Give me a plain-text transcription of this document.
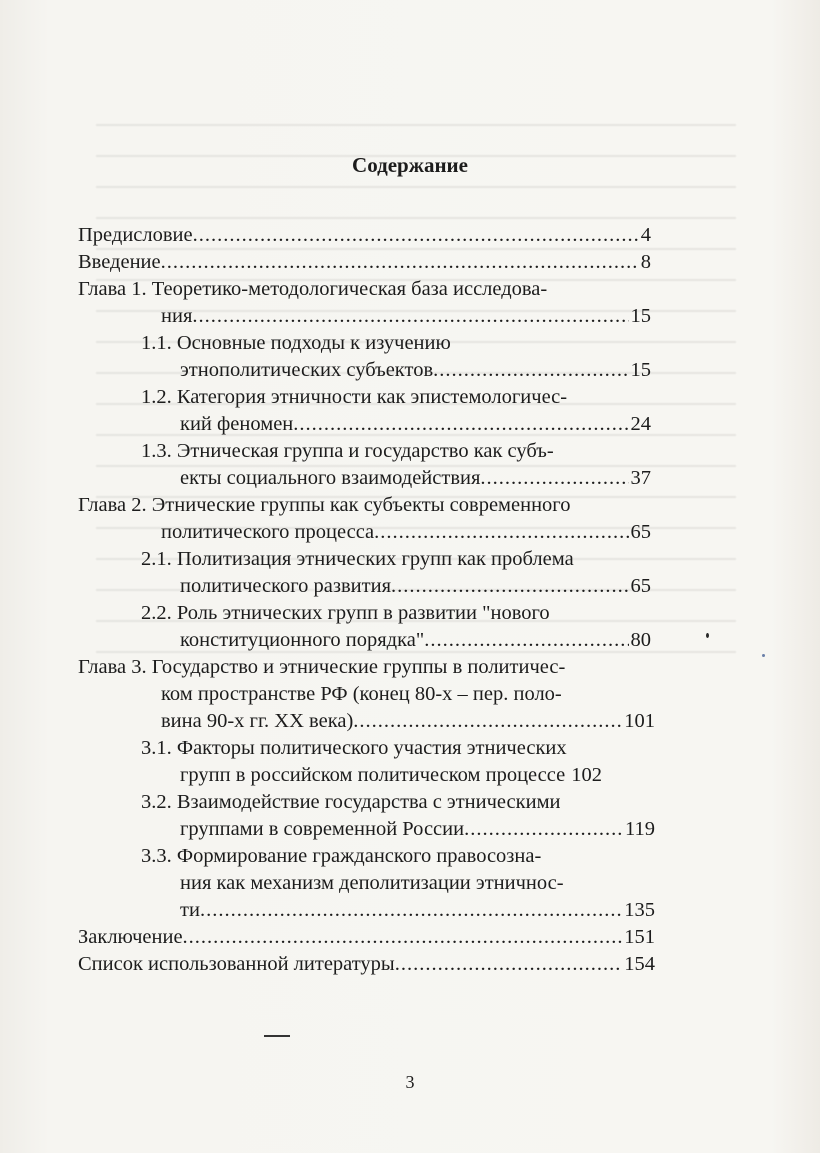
Содержание
Предисловие .....	4
Введение .....	8
Глава 1. Теоретико-методологическая база исследова-
ния .....	15
1.1. Основные подходы к изучению
этнополитических субъектов .....	15
1.2. Категория этничности как эпистемологичес-
кий феномен .....	24
1.3. Этническая группа и государство как субъ-
екты социального взаимодействия .....	37
Глава 2. Этнические группы как субъекты современного
политического процесса .....	65
2.1. Политизация этнических групп как проблема
политического развития .....	65
2.2. Роль этнических групп в развитии "нового
конституционного порядка" .....	80
Глава 3. Государство и этнические группы в политичес-
ком пространстве РФ (конец 80-х – пер. поло-
вина 90-х гг. XX века) .....	101
3.1. Факторы политического участия этнических
групп в российском политическом процессе 102
3.2. Взаимодействие государства с этническими
группами в современной России .....	119
3.3. Формирование гражданского правосозна-
ния как механизм деполитизации этничнос-
ти .....	135
Заключение .....	151
Список использованной литературы .....	154
3
